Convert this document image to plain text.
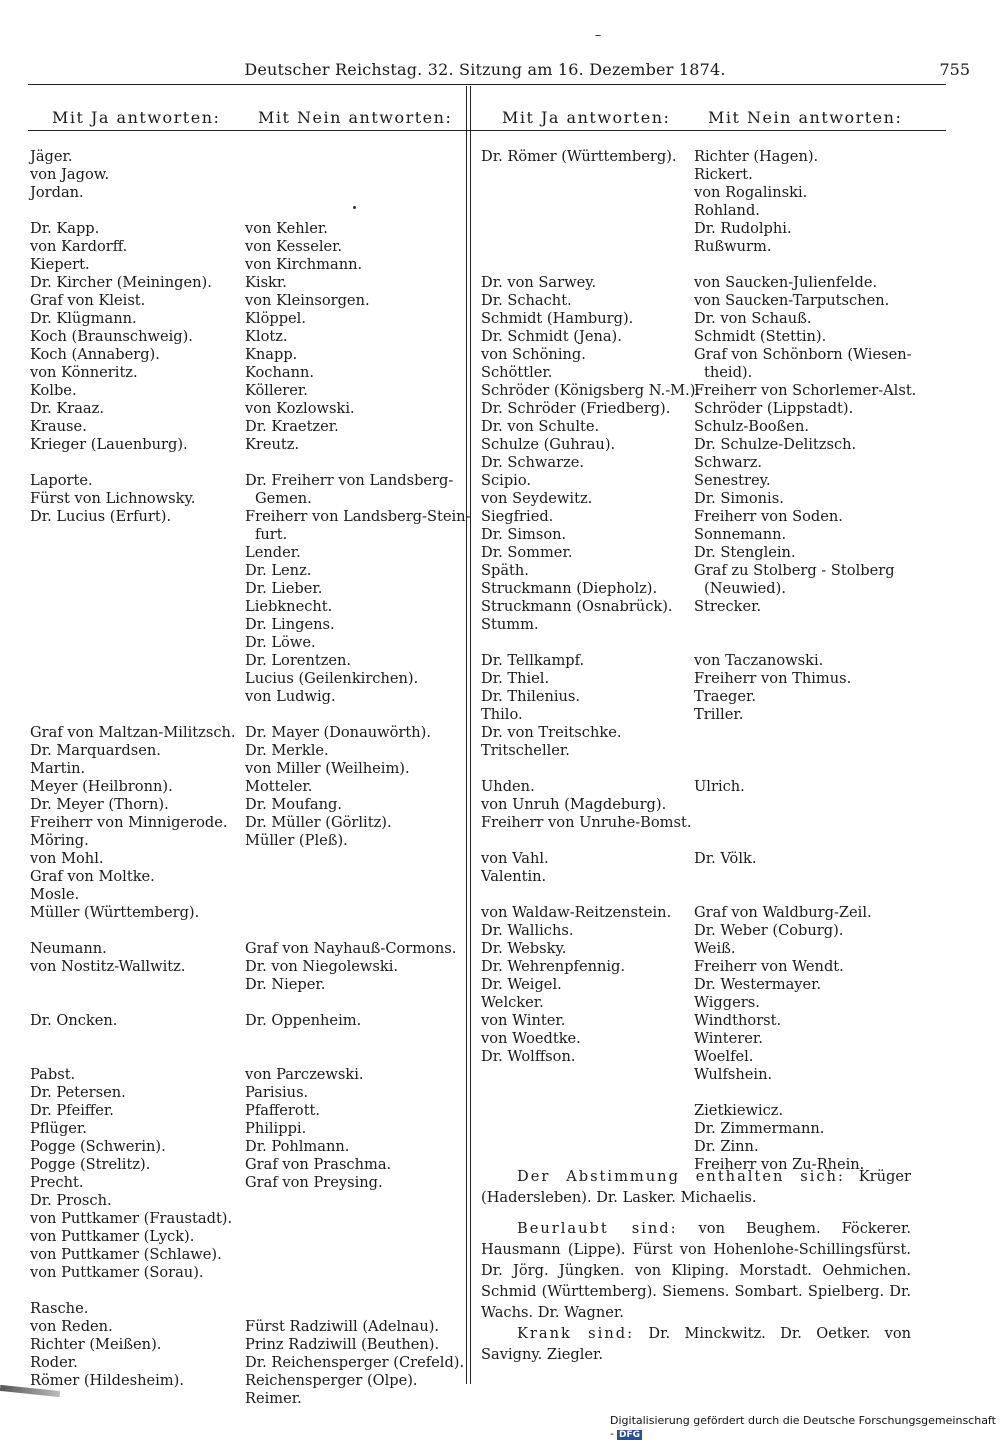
Deutscher Reichstag. 32. Sitzung am 16. Dezember 1874.	755
Mit Ja antworten: Mit Nein antworten:	Mit Ja antworten: Mit Nein antworten:
Jäger.
von Jagow.
Jordan.
Dr. Kapp.
von Kardorff.
Kiepert.
Dr. Kircher (Meiningen).
Graf von Kleist.
Dr. Klügmann.
Koch (Braunschweig).
Koch (Annaberg).
von Könneritz.
Kolbe.
Dr. Kraaz.
Krause.
Krieger (Lauenburg).
Laporte.
Fürst von Lichnowsky.
Dr. Lucius (Erfurt).
Graf von Maltzan-Militzsch.
Dr. Marquardsen.
Martin.
Meyer (Heilbronn).
Dr. Meyer (Thorn).
Freiherr von Minnigerode.
Möring.
von Mohl.
Graf von Moltke.
Mosle.
Müller (Württemberg).
Neumann.
von Nostitz-Wallwitz.
Dr. Oncken.
Pabst.
Dr. Petersen.
Dr. Pfeiffer.
Pflüger.
Pogge (Schwerin).
Pogge (Strelitz).
Precht.
Dr. Prosch.
von Puttkamer (Fraustadt).
von Puttkamer (Lyck).
von Puttkamer (Schlawe).
von Puttkamer (Sorau).
Rasche.
von Reden.
Richter (Meißen).
Roder.
Römer (Hildesheim).
von Kehler.
von Kesseler.
von Kirchmann.
Kiskr.
von Kleinsorgen.
Klöppel.
Klotz.
Knapp.
Kochann.
Köllerer.
von Kozlowski.
Dr. Kraetzer.
Kreutz.
Dr. Freiherr von Landsberg-
Gemen.
Freiherr von Landsberg-Stein-
furt.
Lender.
Dr. Lenz.
Dr. Lieber.
Liebknecht.
Dr. Lingens.
Dr. Löwe.
Dr. Lorentzen.
Lucius (Geilenkirchen).
von Ludwig.
Dr. Mayer (Donauwörth).
Dr. Merkle.
von Miller (Weilheim).
Motteler.
Dr. Moufang.
Dr. Müller (Görlitz).
Müller (Pleß).
Graf von Nayhauß-Cormons.
Dr. von Niegolewski.
Dr. Nieper.
Dr. Oppenheim.
von Parczewski.
Parisius.
Pfafferott.
Philippi.
Dr. Pohlmann.
Graf von Praschma.
Graf von Preysing.
Fürst Radziwill (Adelnau).
Prinz Radziwill (Beuthen).
Dr. Reichensperger (Crefeld).
Reichensperger (Olpe).
Reimer.
Dr. Römer (Württemberg).
Dr. von Sarwey.
Dr. Schacht.
Schmidt (Hamburg).
Dr. Schmidt (Jena).
von Schöning.
Schöttler.
Schröder (Königsberg N.-M.).
Dr. Schröder (Friedberg).
Dr. von Schulte.
Schulze (Guhrau).
Dr. Schwarze.
Scipio.
von Seydewitz.
Siegfried.
Dr. Simson.
Dr. Sommer.
Späth.
Struckmann (Diepholz).
Struckmann (Osnabrück).
Stumm.
Dr. Tellkampf.
Dr. Thiel.
Dr. Thilenius.
Thilo.
Dr. von Treitschke.
Tritscheller.
Uhden.
von Unruh (Magdeburg).
Freiherr von Unruhe-Bomst.
von Vahl.
Valentin.
von Waldaw-Reitzenstein.
Dr. Wallichs.
Dr. Websky.
Dr. Wehrenpfennig.
Dr. Weigel.
Welcker.
von Winter.
von Woedtke.
Dr. Wolffson.
Richter (Hagen).
Rickert.
von Rogalinski.
Rohland.
Dr. Rudolphi.
Rußwurm.
von Saucken-Julienfelde.
von Saucken-Tarputschen.
Dr. von Schauß.
Schmidt (Stettin).
Graf von Schönborn (Wiesen-
theid).
Freiherr von Schorlemer-Alst.
Schröder (Lippstadt).
Schulz-Booßen.
Dr. Schulze-Delitzsch.
Schwarz.
Senestrey.
Dr. Simonis.
Freiherr von Soden.
Sonnemann.
Dr. Stenglein.
Graf zu Stolberg - Stolberg
(Neuwied).
Strecker.
von Taczanowski.
Freiherr von Thimus.
Traeger.
Triller.
Ulrich.
Dr. Völk.
Graf von Waldburg-Zeil.
Dr. Weber (Coburg).
Weiß.
Freiherr von Wendt.
Dr. Westermayer.
Wiggers.
Windthorst.
Winterer.
Woelfel.
Wulfshein.
Zietkiewicz.
Dr. Zimmermann.
Dr. Zinn.
Freiherr von Zu-Rhein.
Der Abstimmung enthalten sich: Krüger (Hadersleben). Dr. Lasker. Michaelis.
Beurlaubt sind: von Beughem. Föckerer. Hausmann (Lippe). Fürst von Hohenlohe-Schillingsfürst. Dr. Jörg. Jüngken. von Kliping. Morstadt. Oehmichen. Schmid (Württemberg). Siemens. Sombart. Spielberg. Dr. Wachs. Dr. Wagner.
Krank sind: Dr. Minckwitz. Dr. Oetker. von Savigny. Ziegler.
Digitalisierung gefördert durch die Deutsche Forschungsgemeinschaft - DFG
